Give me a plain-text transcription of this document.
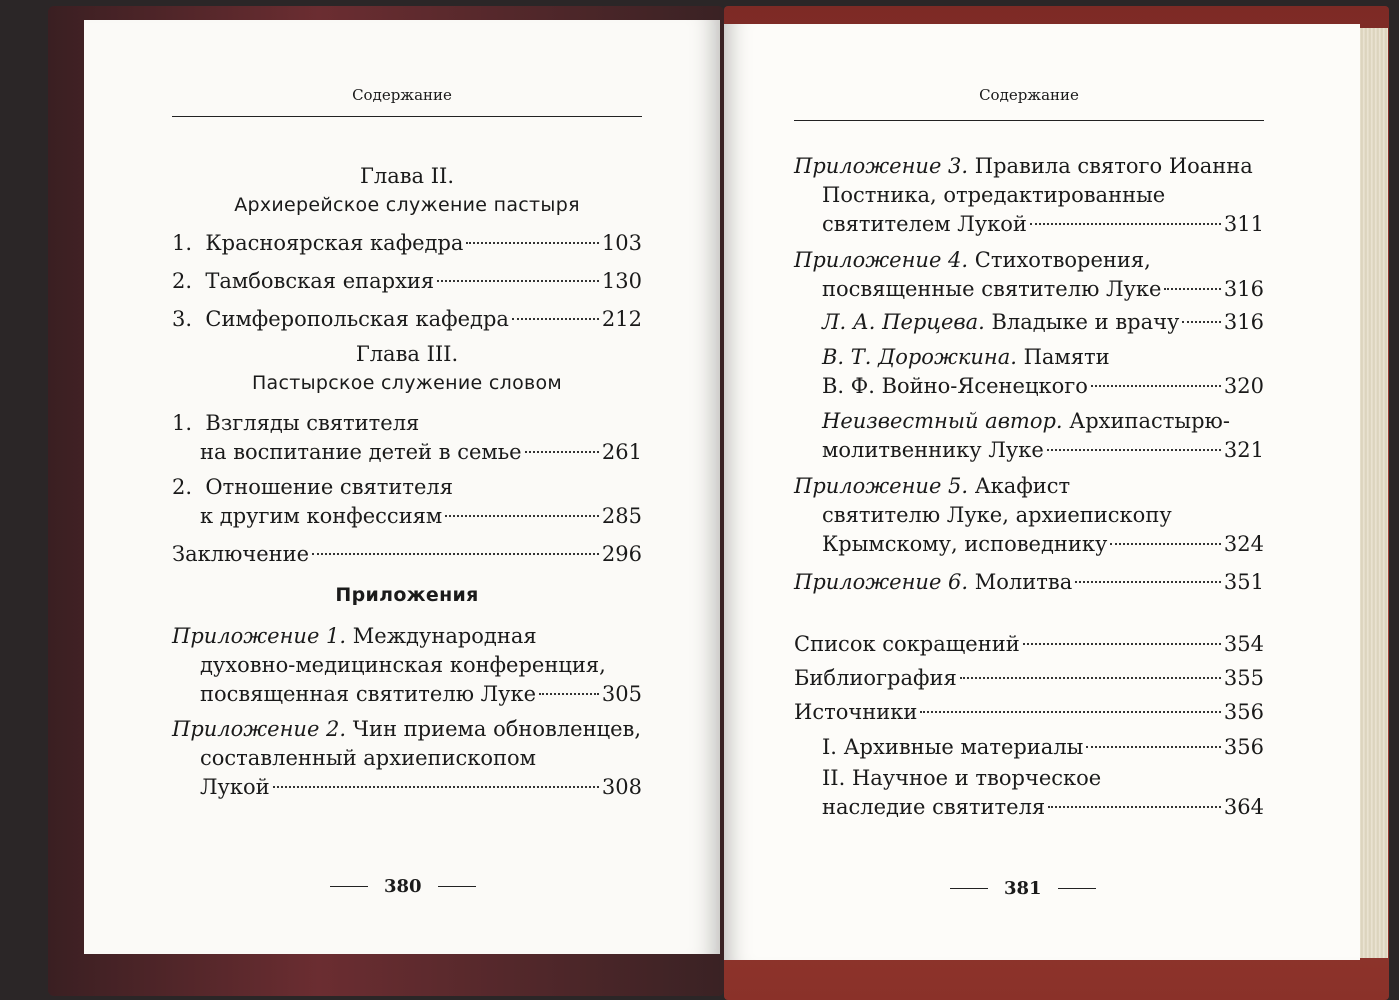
Содержание
Глава II.
Архиерейское служение пастыря
1. Красноярская кафедра	103
2. Тамбовская епархия	130
3. Симферопольская кафедра	212
Глава III.
Пастырское служение словом
1. Взгляды святителя
на воспитание детей в семье	261
2. Отношение святителя
к другим конфессиям	285
Заключение	296
Приложения
Приложение 1. Международная
духовно-медицинская конференция,
посвященная святителю Луке	305
Приложение 2. Чин приема обновленцев,
составленный архиепископом
Лукой	308
380
Содержание
Приложение 3. Правила святого Иоанна
Постника, отредактированные
святителем Лукой	311
Приложение 4. Стихотворения,
посвященные святителю Луке	316
Л. А. Перцева. Владыке и врачу 316
В. Т. Дорожкина. Памяти
В. Ф. Войно-Ясенецкого	320
Неизвестный автор. Архипастырю-
молитвеннику Луке	321
Приложение 5. Акафист
святителю Луке, архиепископу
Крымскому, исповеднику	324
Приложение 6. Молитва	351
Список сокращений	354
Библиография	355
Источники	356
I. Архивные материалы	356
II. Научное и творческое
наследие святителя	364
381
